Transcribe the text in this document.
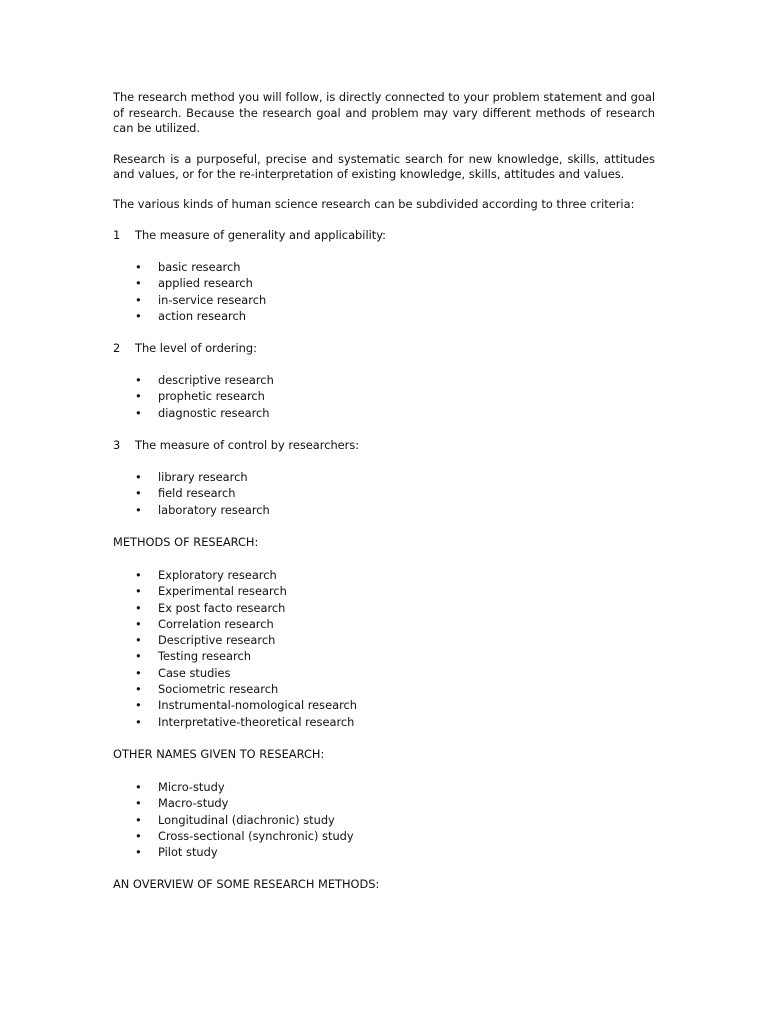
The research method you will follow, is directly connected to your problem statement and goal of research. Because the research goal and problem may vary different methods of research can be utilized.

Research is a purposeful, precise and systematic search for new knowledge, skills, attitudes and values, or for the re-interpretation of existing knowledge, skills, attitudes and values.

The various kinds of human science research can be subdivided according to three criteria:

1 The measure of generality and applicability:
• basic research
• applied research
• in-service research
• action research
2 The level of ordering:
• descriptive research
• prophetic research
• diagnostic research
3 The measure of control by researchers:
• library research
• field research
• laboratory research

METHODS OF RESEARCH:

• Exploratory research
• Experimental research
• Ex post facto research
• Correlation research
• Descriptive research
• Testing research
• Case studies
• Sociometric research
• Instrumental-nomological research
• Interpretative-theoretical research

OTHER NAMES GIVEN TO RESEARCH:

• Micro-study
• Macro-study
• Longitudinal (diachronic) study
• Cross-sectional (synchronic) study
• Pilot study

AN OVERVIEW OF SOME RESEARCH METHODS:
